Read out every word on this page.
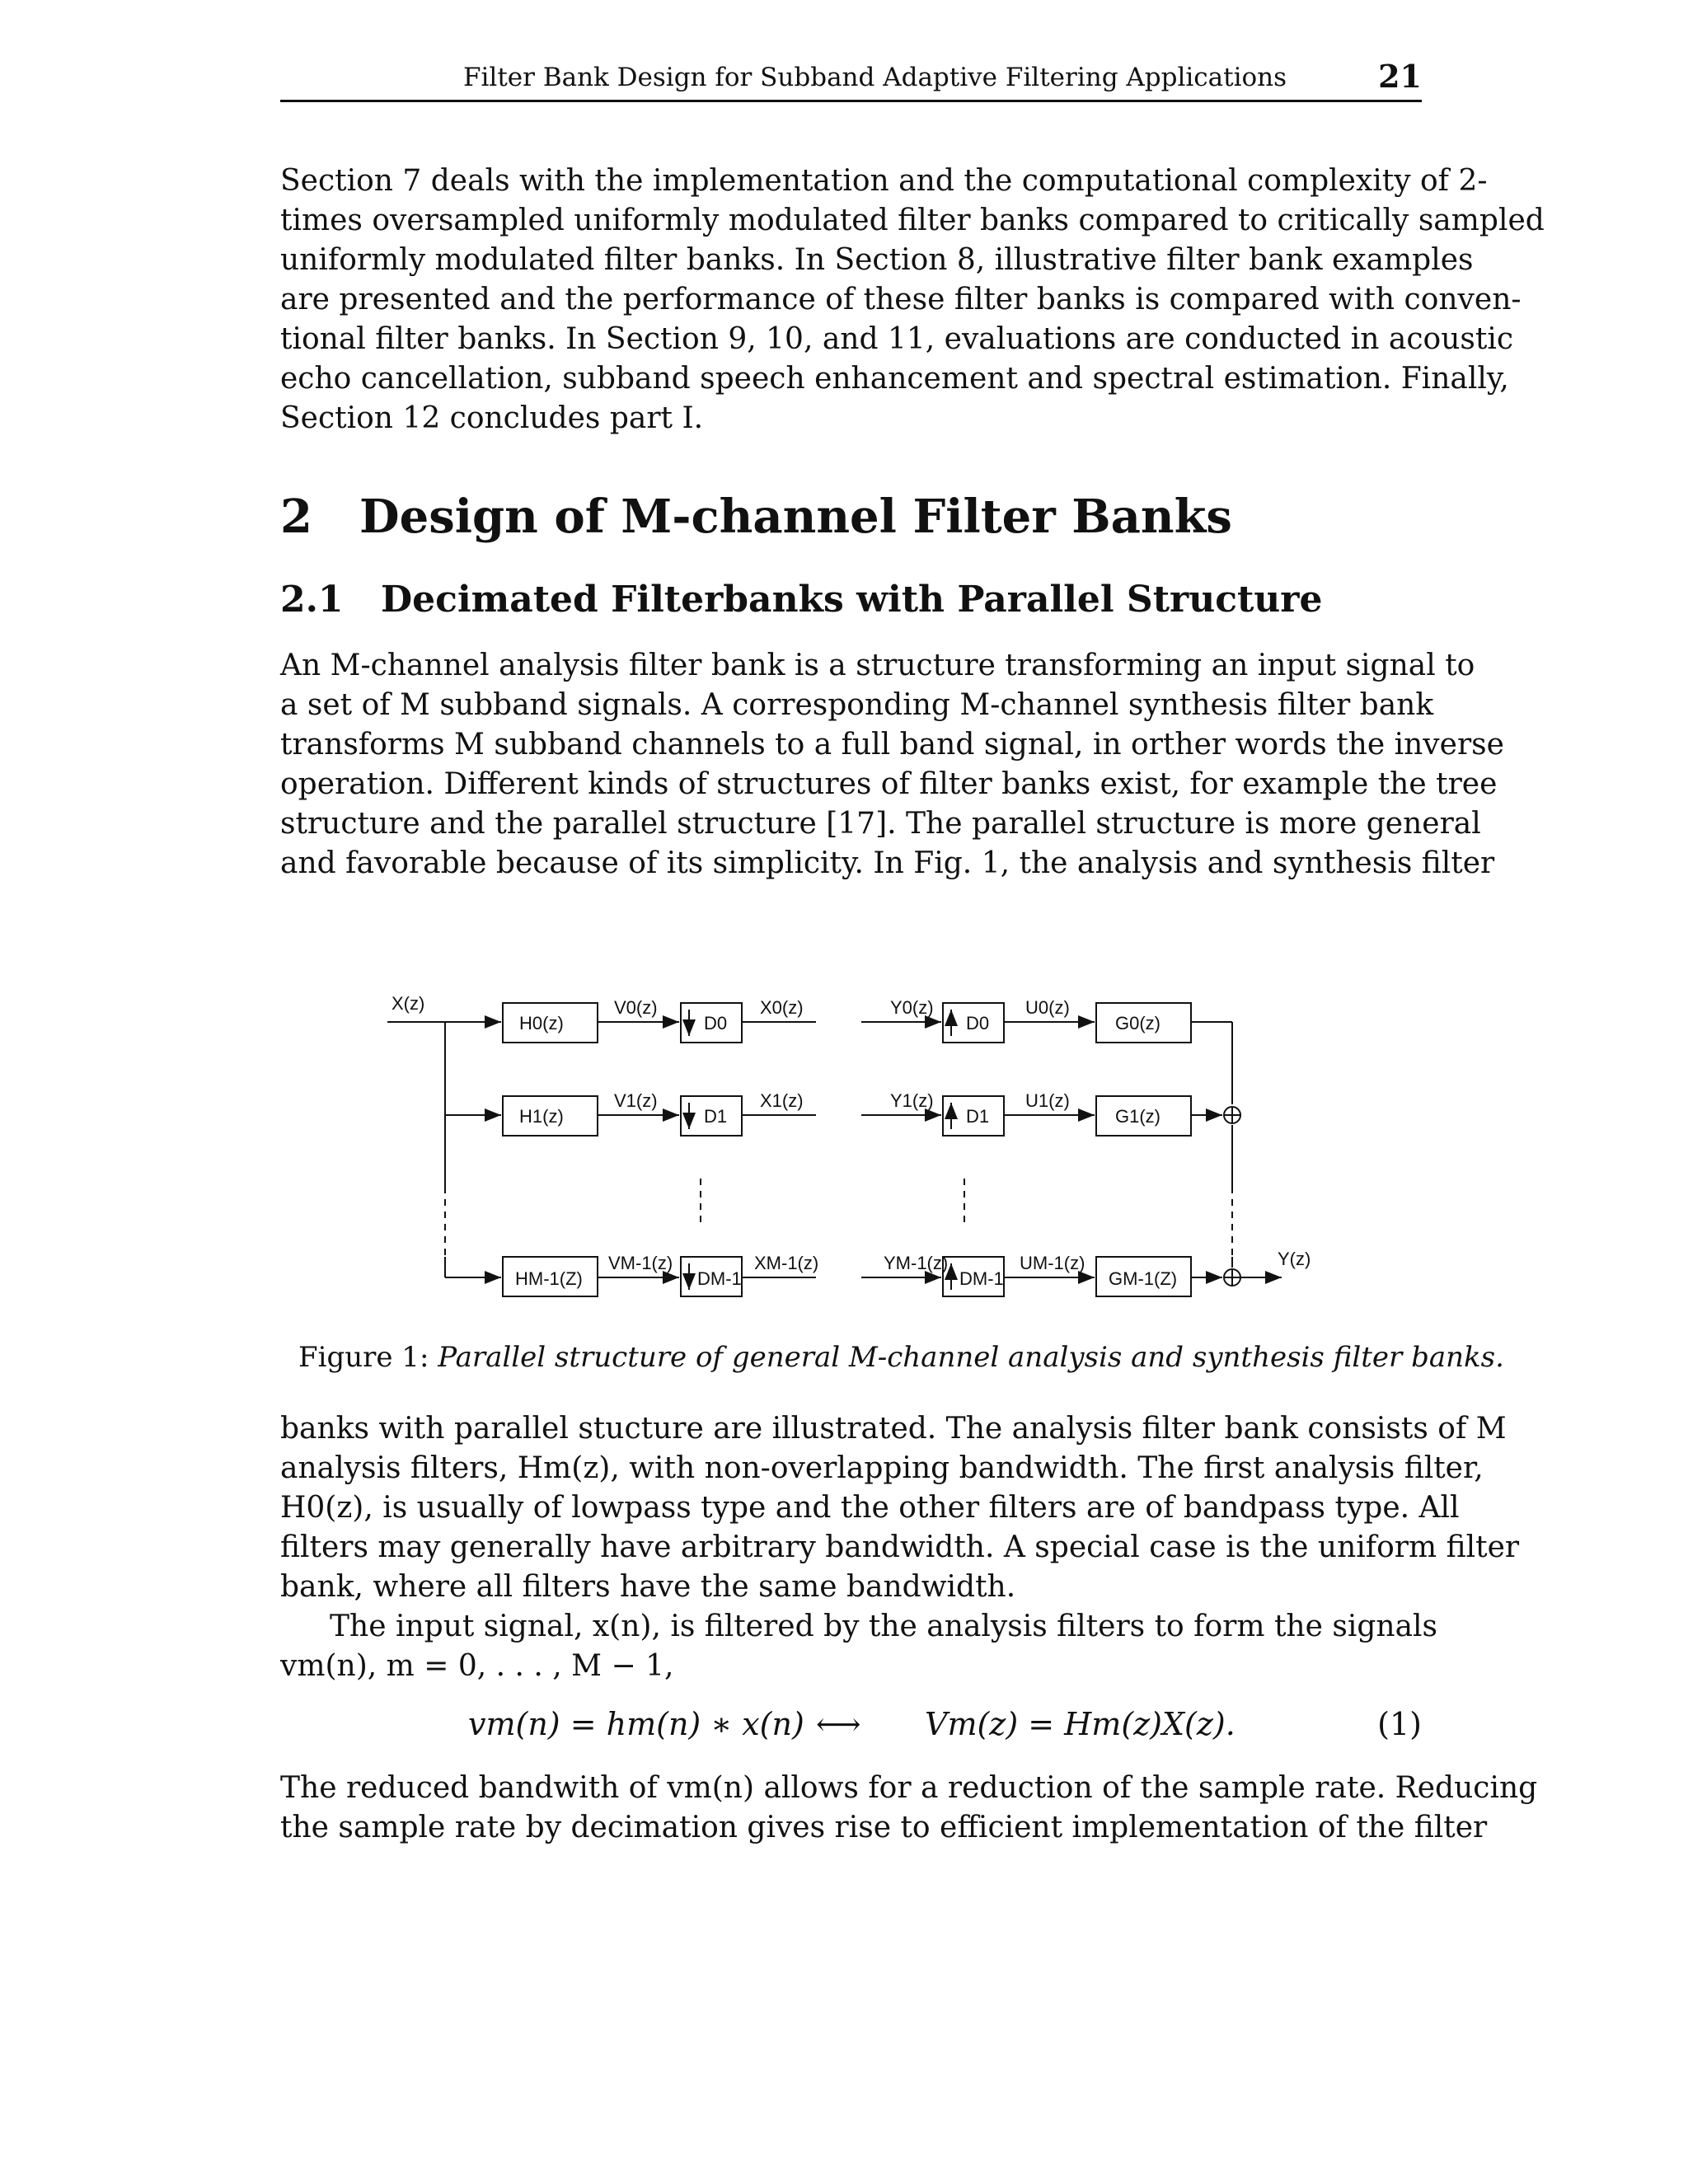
Filter Bank Design for Subband Adaptive Filtering Applications	21

Section 7 deals with the implementation and the computational complexity of 2-
times oversampled uniformly modulated filter banks compared to critically sampled
uniformly modulated filter banks. In Section 8, illustrative filter bank examples
are presented and the performance of these filter banks is compared with conven-
tional filter banks. In Section 9, 10, and 11, evaluations are conducted in acoustic
echo cancellation, subband speech enhancement and spectral estimation. Finally,
Section 12 concludes part I.

2 Design of M-channel Filter Banks
2.1 Decimated Filterbanks with Parallel Structure

An M-channel analysis filter bank is a structure transforming an input signal to
a set of M subband signals. A corresponding M-channel synthesis filter bank
transforms M subband channels to a full band signal, in orther words the inverse
operation. Different kinds of structures of filter banks exist, for example the tree
structure and the parallel structure [17]. The parallel structure is more general
and favorable because of its simplicity. In Fig. 1, the analysis and synthesis filter

X(z)
Y(z)
H0(z)
V0(z)
D0
X0(z)	Y0(z)
D0
U0(z)
G0(z)
H1(z)
V1(z)
D1
X1(z)	Y1(z)
D1
U1(z)
G1(z)
HM-1(Z)
VM-1(z)
DM-1
XM-1(z)	YM-1(z)
DM-1
UM-1(z)
GM-1(Z)
Figure 1: Parallel structure of general M-channel analysis and synthesis filter banks.

banks with parallel stucture are illustrated. The analysis filter bank consists of M
analysis filters, Hm(z), with non-overlapping bandwidth. The first analysis filter,
H0(z), is usually of lowpass type and the other filters are of bandpass type. All
filters may generally have arbitrary bandwidth. A special case is the uniform filter
bank, where all filters have the same bandwidth.

The input signal, x(n), is filtered by the analysis filters to form the signals
vm(n), m = 0, . . . , M − 1,

vm(n) = hm(n) ∗ x(n) ⟷ Vm(z) = Hm(z)X(z).	(1)

The reduced bandwith of vm(n) allows for a reduction of the sample rate. Reducing
the sample rate by decimation gives rise to efficient implementation of the filter
